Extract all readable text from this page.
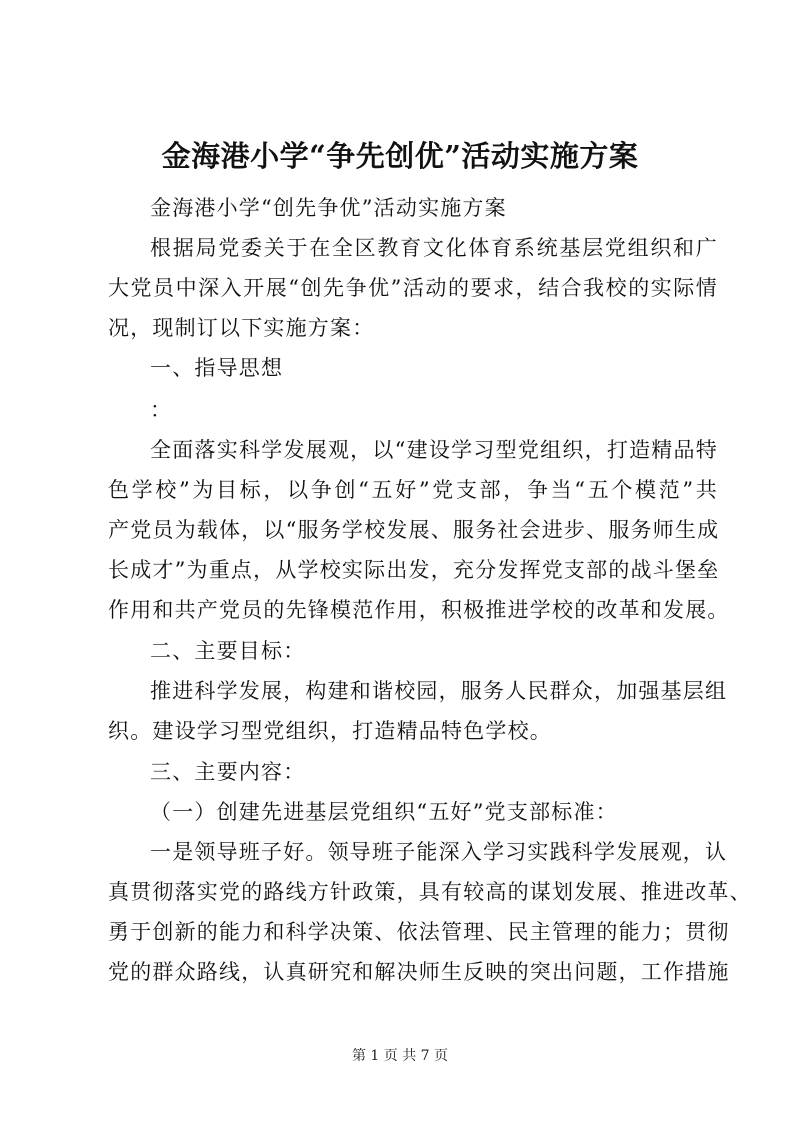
金海港小学“争先创优”活动实施方案
金海港小学“创先争优”活动实施方案
根据局党委关于在全区教育文化体育系统基层党组织和广
大党员中深入开展“创先争优”活动的要求，结合我校的实际情
况，现制订以下实施方案：
一、指导思想
：
全面落实科学发展观，以“建设学习型党组织，打造精品特
色学校”为目标，以争创“五好”党支部，争当“五个模范”共
产党员为载体，以“服务学校发展、服务社会进步、服务师生成
长成才”为重点，从学校实际出发，充分发挥党支部的战斗堡垒
作用和共产党员的先锋模范作用，积极推进学校的改革和发展。
二、主要目标：
推进科学发展，构建和谐校园，服务人民群众，加强基层组
织。建设学习型党组织，打造精品特色学校。
三、主要内容：
（一）创建先进基层党组织“五好”党支部标准：
一是领导班子好。领导班子能深入学习实践科学发展观，认
真贯彻落实党的路线方针政策，具有较高的谋划发展、推进改革、
勇于创新的能力和科学决策、依法管理、民主管理的能力；贯彻
党的群众路线，认真研究和解决师生反映的突出问题，工作措施
第 1 页 共 7 页
